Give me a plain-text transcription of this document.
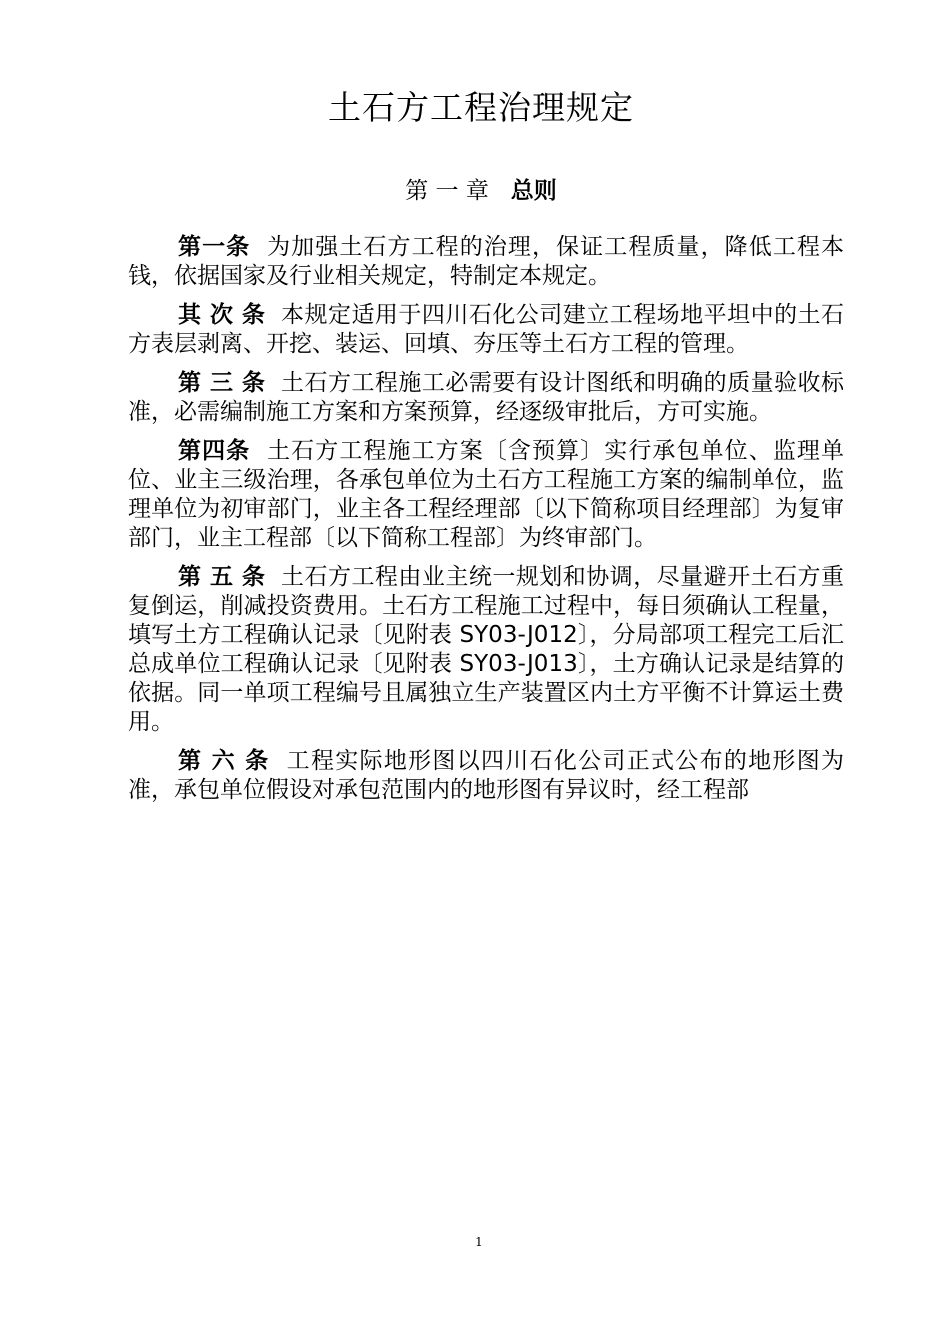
土石方工程治理规定
第 一 章 总则

第一条 为加强土石方工程的治理，保证工程质量，降低工程本钱，依据国家及行业相关规定，特制定本规定。

其 次 条 本规定适用于四川石化公司建立工程场地平坦中的土石方表层剥离、开挖、装运、回填、夯压等土石方工程的管理。

第 三 条 土石方工程施工必需要有设计图纸和明确的质量验收标准，必需编制施工方案和方案预算，经逐级审批后，方可实施。

第四条 土石方工程施工方案〔含预算〕实行承包单位、监理单位、业主三级治理，各承包单位为土石方工程施工方案的编制单位，监理单位为初审部门，业主各工程经理部〔以下简称项目经理部〕为复审部门，业主工程部〔以下简称工程部〕为终审部门。

第 五 条 土石方工程由业主统一规划和协调，尽量避开土石方重复倒运，削减投资费用。土石方工程施工过程中，每日须确认工程量，填写土方工程确认记录〔见附表 SY03-J012〕，分局部项工程完工后汇总成单位工程确认记录〔见附表 SY03-J013〕，土方确认记录是结算的依据。同一单项工程编号且属独立生产装置区内土方平衡不计算运土费用。

第 六 条 工程实际地形图以四川石化公司正式公布的地形图为准，承包单位假设对承包范围内的地形图有异议时，经工程部

1
